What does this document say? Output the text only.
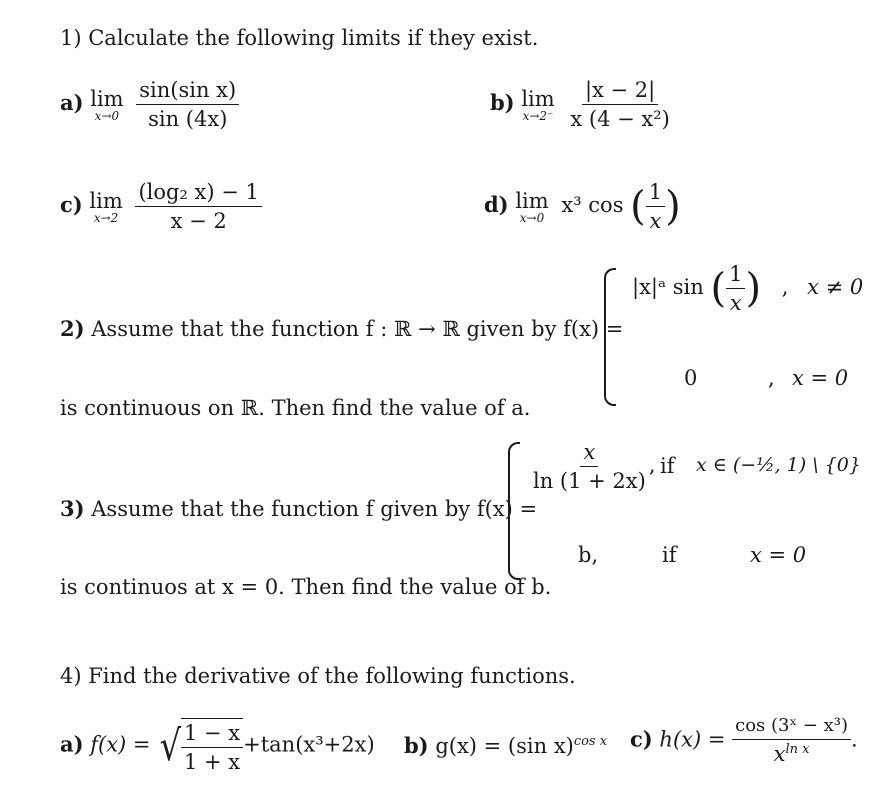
1) Calculate the following limits if they exist.
a) lim
x→0
$\frac{\text{sin(sin x)}}{\sin (4x)}$	b) lim
x→2⁻
$\frac{|x - 2|}{\text{x (4 − x²)}}$
c) lim
x→2
$\frac{\text{(log₂ x) − 1}}{x - 2}$	d) lim
x→0
x³ cos ( $\frac{1}{x}$ )
2) Assume that the function f : ℝ → ℝ given by f(x) =
|x|ᵃ sin ( $\frac{1}{x}$ ) , x ≠ 0
0	, x = 0
is continuous on ℝ. Then find the value of a.
3) Assume that the function f given by f(x) =
$\frac{x}{\ln (1 + 2x)}$ , if x ∈ (−½, 1) \ {0}
b,	if	x = 0
is continuos at x = 0. Then find the value of b.
4) Find the derivative of the following functions.
a) f(x) = √ $\frac{1 - x}{1 + x} +\tan(x^3+2x)$ b) g(x) = (sin x)$^{cos x}$ c) $h(x) = \frac{\text{cos (3ˣ − x³)}}{x^{ln x}}$ .
